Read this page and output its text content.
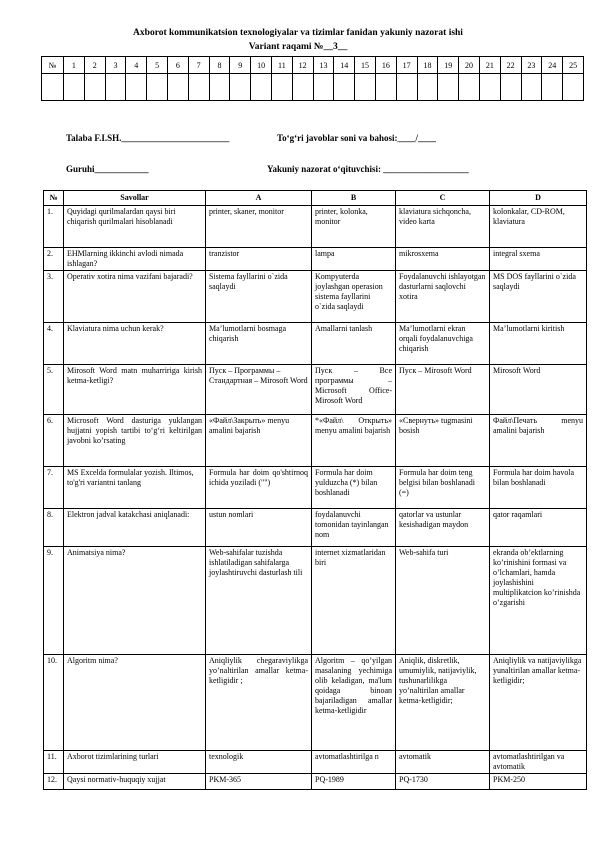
Axborot kommunikatsion texnologiyalar va tizimlar fanidan yakuniy nazorat ishi
Variant raqami №__3__
№	1	2	3	4	5	6	7	8	9	10	11	12	13	14	15	16	17	18	19	20	21	22	23	24	25

Talaba F.I.SH.________________________	To‘g‘ri javoblar soni va bahosi:____/____
Guruhi____________	Yakuniy nazorat o‘qituvchisi: ___________________
№	Savollar	A	B	C	D
1.	Quyidagi qurilmalardan qaysi biri chiqarish qurilmalari hisoblanadi	printer, skaner, monitor	printer, kolonka, monitor	klaviatura sichqoncha, video karta	kolonkalar, CD-ROM, klaviatura
2.	EHMlarning ikkinchi avlodi nimada ishlagan?	tranzistor	lampa	mikrosxema	integral sxema
3.	Operativ xotira nima vazifani bajaradi?	Sistema fayllarini o`zida saqlaydi	Kompyuterda joylashgan operasion sistema fayllarini o`zida saqlaydi	Foydalanuvchi ishlayotgan dasturlarni saqlovchi xotira	MS DOS fayllarini o`zida saqlaydi
4.	Klaviatura nima uchun kerak?	Ma’lumotlarni bosmaga chiqarish	Amallarni tanlash	Ma’lumotlarni ekran orqali foydalanuvchiga chiqarish	Ma’lumotlarni kiritish
5.	Mirosoft Word matn muharririga kirish ketma-ketligi?	Пуск – Программы – Стандартная – Mirosoft Word	Пуск – Все программы – Microsoft Office-Mirosoft Word	Пуск – Mirosoft Word	Mirosoft Word
6.	Microsoft Word dasturiga yuklangan hujjatni yopish tartibi to‘g‘ri keltirilgan javobni ko’rsating	«Файл\Закрыть» menyu amalini bajarish	*«Файл\ Открыть» menyu amalini bajarish	«Свернуть» tugmasini bosish	Файл\Печать menyu amalini bajarish
7.	MS Excelda formulalar yozish. Iltimos, to'g'ri variantni tanlang	Formula har doim qo'shtirnoq ichida yoziladi ("")	Formula har doim yulduzcha (*) bilan boshlanadi	Formula har doim teng belgisi bilan boshlanadi (=)	Formula har doim havola bilan boshlanadi
8.	Elektron jadval katakchasi aniqlanadi:	ustun nomlari	foydalanuvchi tomonidan tayinlangan nom	qatorlar va ustunlar kesishadigan maydon	qator raqamlari
9.	Animatsiya nima?	Web-sahifalar tuzishda ishlatiladigan sahifalarga joylashtiruvchi dasturlash tili	internet xizmatlaridan biri	Web-sahifa turi	ekranda ob’ektlarning ko’rinishini formasi va o’lchamlari, hamda joylashishini multiplikatcion ko’rinishda o’zgarishi
10.	Algoritm nima?	Aniqliylik chegaraviylikga yo’naltirilan amallar ketma-ketligidir ;	Algoritm – qo’yilgan masalaning yechimiga olib keladigan, ma'lum qoidaga binoan bajariladigan amallar ketma-ketligidir	Aniqlik, diskretlik, umumiylik, natijaviylik, tushunarlilikga yo’naltirilan amallar ketma-ketligidir;	Aniqliylik va natijaviylikga yunaltirilan amallar ketma-ketligidir;
11.	Axborot tizimlarining turlari	texnologik	avtomatlashtirilga n	avtomatik	avtomatlashtirilgan va avtomatik
12.	Qaysi normativ-huquqiy xujjat	PKM-365	PQ-1989	PQ-1730	PKM-250
